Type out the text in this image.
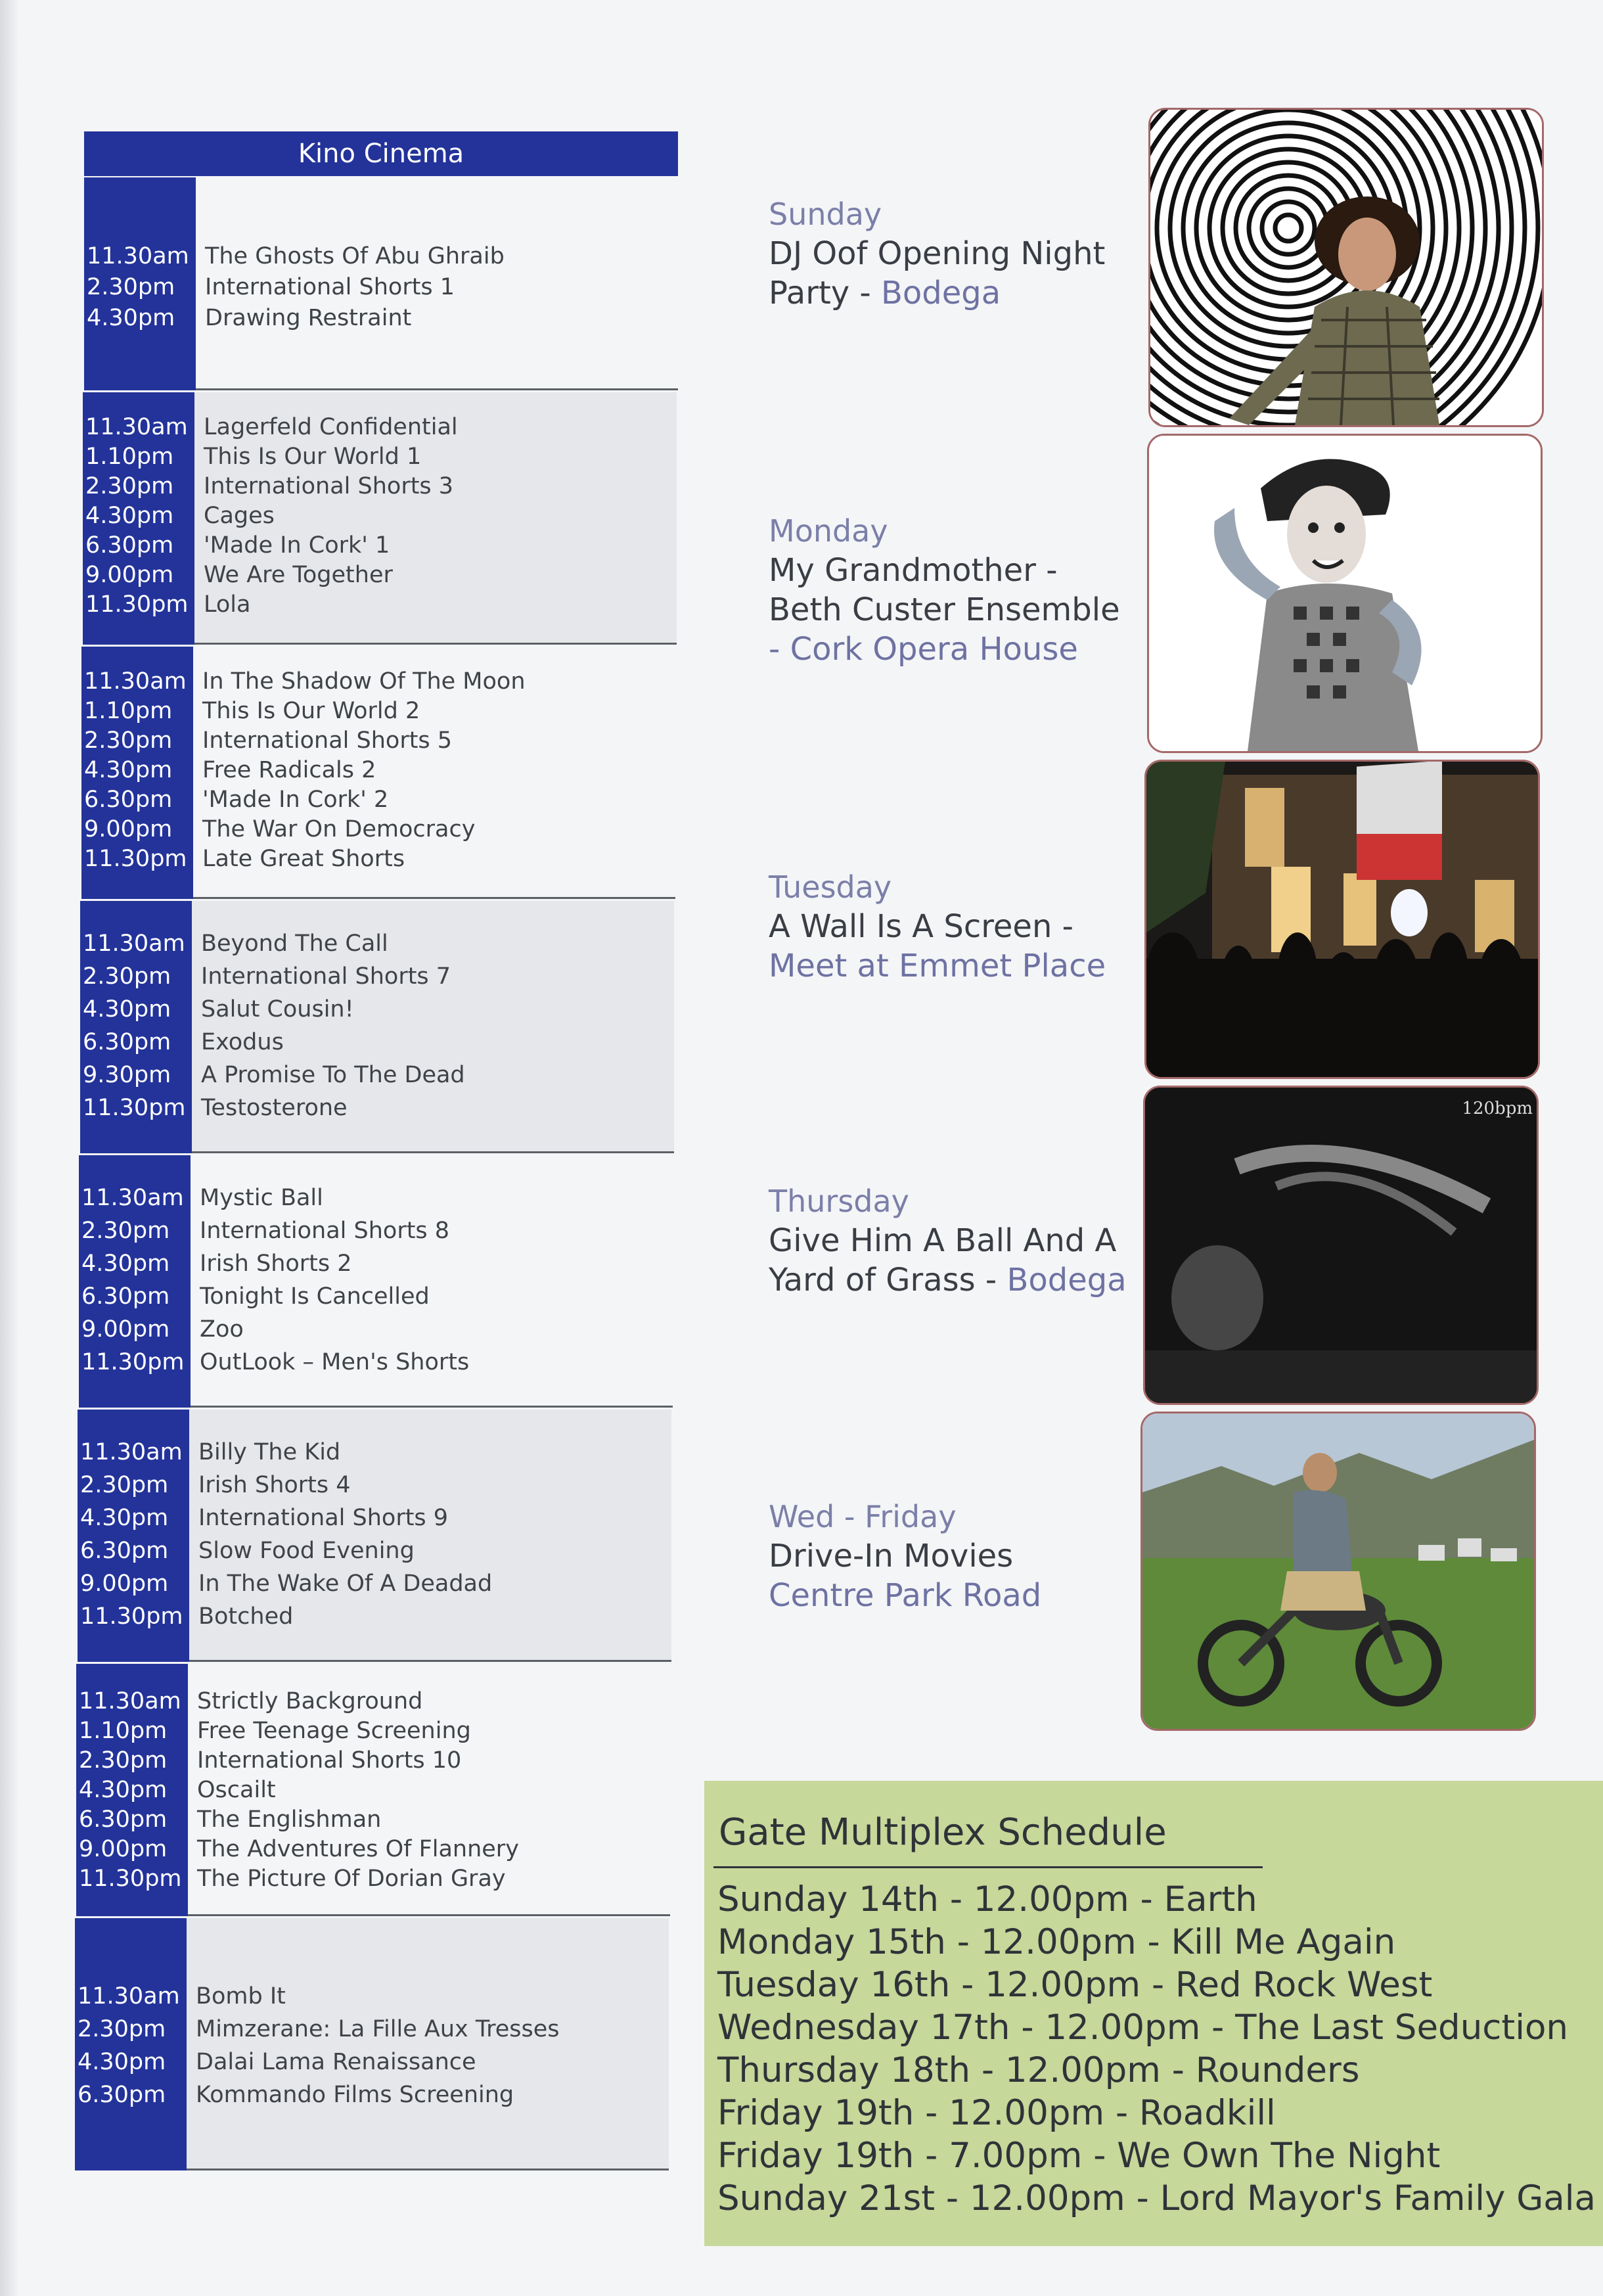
Kino Cinema
11.30am The Ghosts Of Abu Ghraib
2.30pm	International Shorts 1
4.30pm	Drawing Restraint
11.30am Lagerfeld Confidential
1.10pm	This Is Our World 1
2.30pm	International Shorts 3
4.30pm	Cages
6.30pm	'Made In Cork' 1
9.00pm	We Are Together
11.30pm Lola
11.30am In The Shadow Of The Moon
1.10pm	This Is Our World 2
2.30pm	International Shorts 5
4.30pm	Free Radicals 2
6.30pm	'Made In Cork' 2
9.00pm	The War On Democracy
11.30pm Late Great Shorts
11.30am Beyond The Call
2.30pm	International Shorts 7
4.30pm	Salut Cousin!
6.30pm	Exodus
9.30pm	A Promise To The Dead
11.30pm Testosterone
11.30am Mystic Ball
2.30pm	International Shorts 8
4.30pm	Irish Shorts 2
6.30pm	Tonight Is Cancelled
9.00pm	Zoo
11.30pm OutLook – Men's Shorts
11.30am Billy The Kid
2.30pm	Irish Shorts 4
4.30pm	International Shorts 9
6.30pm	Slow Food Evening
9.00pm	In The Wake Of A Deadad
11.30pm Botched
11.30am Strictly Background
1.10pm	Free Teenage Screening
2.30pm	International Shorts 10
4.30pm	Oscailt
6.30pm	The Englishman
9.00pm	The Adventures Of Flannery
11.30pm The Picture Of Dorian Gray
11.30am Bomb It
2.30pm	Mimzerane: La Fille Aux Tresses
4.30pm	Dalai Lama Renaissance
6.30pm	Kommando Films Screening
Sunday
DJ Oof Opening Night
Party - Bodega
Monday
My Grandmother -
Beth Custer Ensemble
- Cork Opera House
Tuesday
A Wall Is A Screen -
Meet at Emmet Place
Thursday
Give Him A Ball And A
Yard of Grass - Bodega
Wed - Friday
Drive-In Movies
Centre Park Road
120bpm
Gate Multiplex Schedule
Sunday 14th - 12.00pm - Earth
Monday 15th - 12.00pm - Kill Me Again
Tuesday 16th - 12.00pm - Red Rock West
Wednesday 17th - 12.00pm - The Last Seduction
Thursday 18th - 12.00pm - Rounders
Friday 19th - 12.00pm - Roadkill
Friday 19th - 7.00pm - We Own The Night
Sunday 21st - 12.00pm - Lord Mayor's Family Gala
